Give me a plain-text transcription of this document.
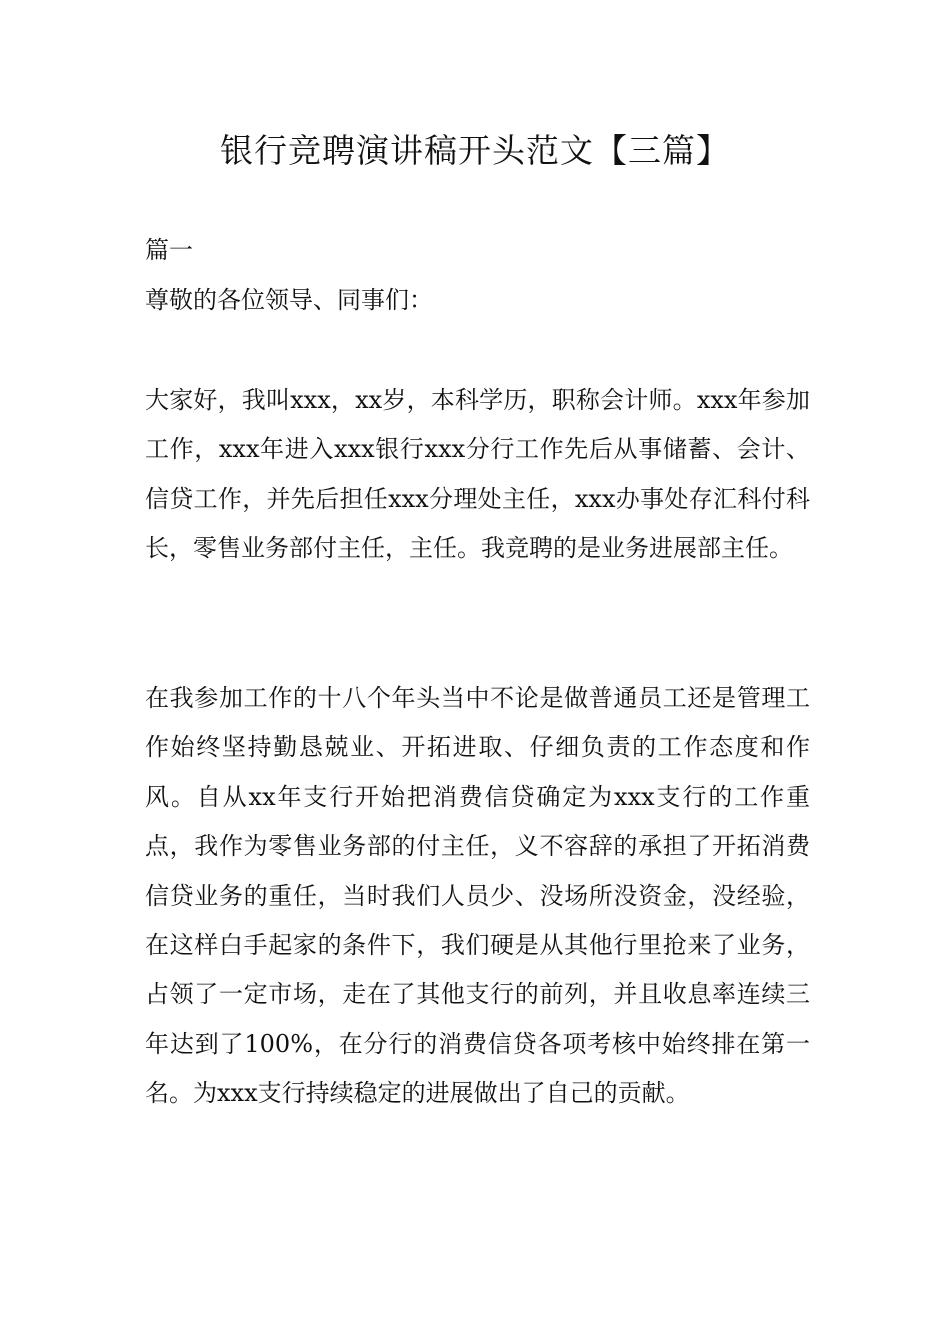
银行竞聘演讲稿开头范文【三篇】

篇一

尊敬的各位领导、同事们：

大家好，我叫xxx，xx岁，本科学历，职称会计师。xxx年参加工作，xxx年进入xxx银行xxx分行工作先后从事储蓄、会计、信贷工作，并先后担任xxx分理处主任，xxx办事处存汇科付科长，零售业务部付主任，主任。我竞聘的是业务进展部主任。

在我参加工作的十八个年头当中不论是做普通员工还是管理工作始终坚持勤恳兢业、开拓进取、仔细负责的工作态度和作风。自从xx年支行开始把消费信贷确定为xxx支行的工作重点，我作为零售业务部的付主任，义不容辞的承担了开拓消费信贷业务的重任，当时我们人员少、没场所没资金，没经验，在这样白手起家的条件下，我们硬是从其他行里抢来了业务，占领了一定市场，走在了其他支行的前列，并且收息率连续三年达到了100%，在分行的消费信贷各项考核中始终排在第一名。为xxx支行持续稳定的进展做出了自己的贡献。
